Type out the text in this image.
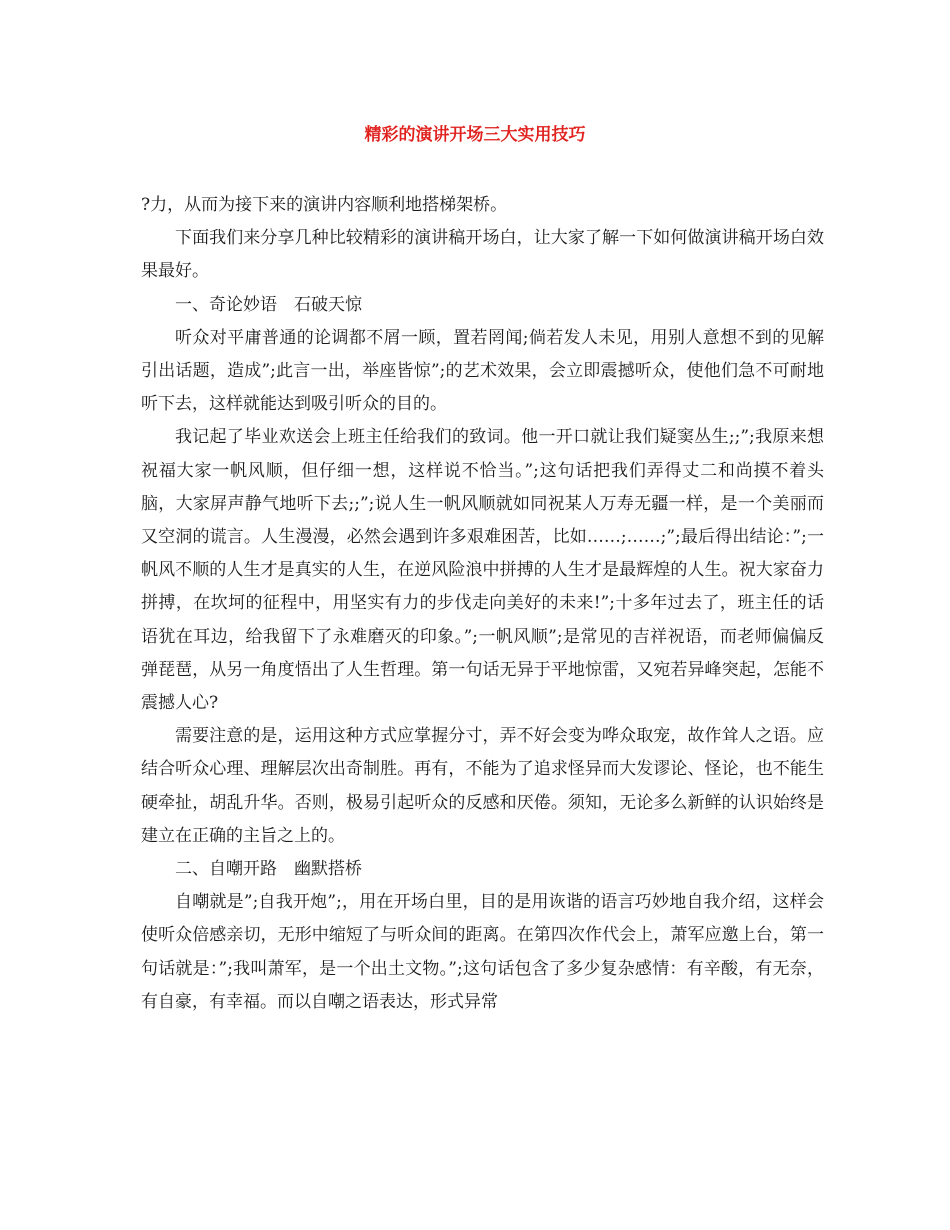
精彩的演讲开场三大实用技巧

?力，从而为接下来的演讲内容顺利地搭梯架桥。

下面我们来分享几种比较精彩的演讲稿开场白，让大家了解一下如何做演讲稿开场白效果最好。

一、奇论妙语　石破天惊

听众对平庸普通的论调都不屑一顾，置若罔闻;倘若发人未见，用别人意想不到的见解引出话题，造成”;此言一出，举座皆惊”;的艺术效果，会立即震撼听众，使他们急不可耐地听下去，这样就能达到吸引听众的目的。

我记起了毕业欢送会上班主任给我们的致词。他一开口就让我们疑窦丛生;;”;我原来想祝福大家一帆风顺，但仔细一想，这样说不恰当。”;这句话把我们弄得丈二和尚摸不着头脑，大家屏声静气地听下去;;”;说人生一帆风顺就如同祝某人万寿无疆一样，是一个美丽而又空洞的谎言。人生漫漫，必然会遇到许多艰难困苦，比如……;……;”;最后得出结论：”;一帆风不顺的人生才是真实的人生，在逆风险浪中拼搏的人生才是最辉煌的人生。祝大家奋力拼搏，在坎坷的征程中，用坚实有力的步伐走向美好的未来!”;十多年过去了，班主任的话语犹在耳边，给我留下了永难磨灭的印象。”;一帆风顺”;是常见的吉祥祝语，而老师偏偏反弹琵琶，从另一角度悟出了人生哲理。第一句话无异于平地惊雷，又宛若异峰突起，怎能不震撼人心?

需要注意的是，运用这种方式应掌握分寸，弄不好会变为哗众取宠，故作耸人之语。应结合听众心理、理解层次出奇制胜。再有，不能为了追求怪异而大发谬论、怪论，也不能生硬牵扯，胡乱升华。否则，极易引起听众的反感和厌倦。须知，无论多么新鲜的认识始终是建立在正确的主旨之上的。

二、自嘲开路　幽默搭桥

自嘲就是”;自我开炮”;，用在开场白里，目的是用诙谐的语言巧妙地自我介绍，这样会使听众倍感亲切，无形中缩短了与听众间的距离。在第四次作代会上，萧军应邀上台，第一句话就是：”;我叫萧军，是一个出土文物。”;这句话包含了多少复杂感情：有辛酸，有无奈，有自豪，有幸福。而以自嘲之语表达，形式异常
